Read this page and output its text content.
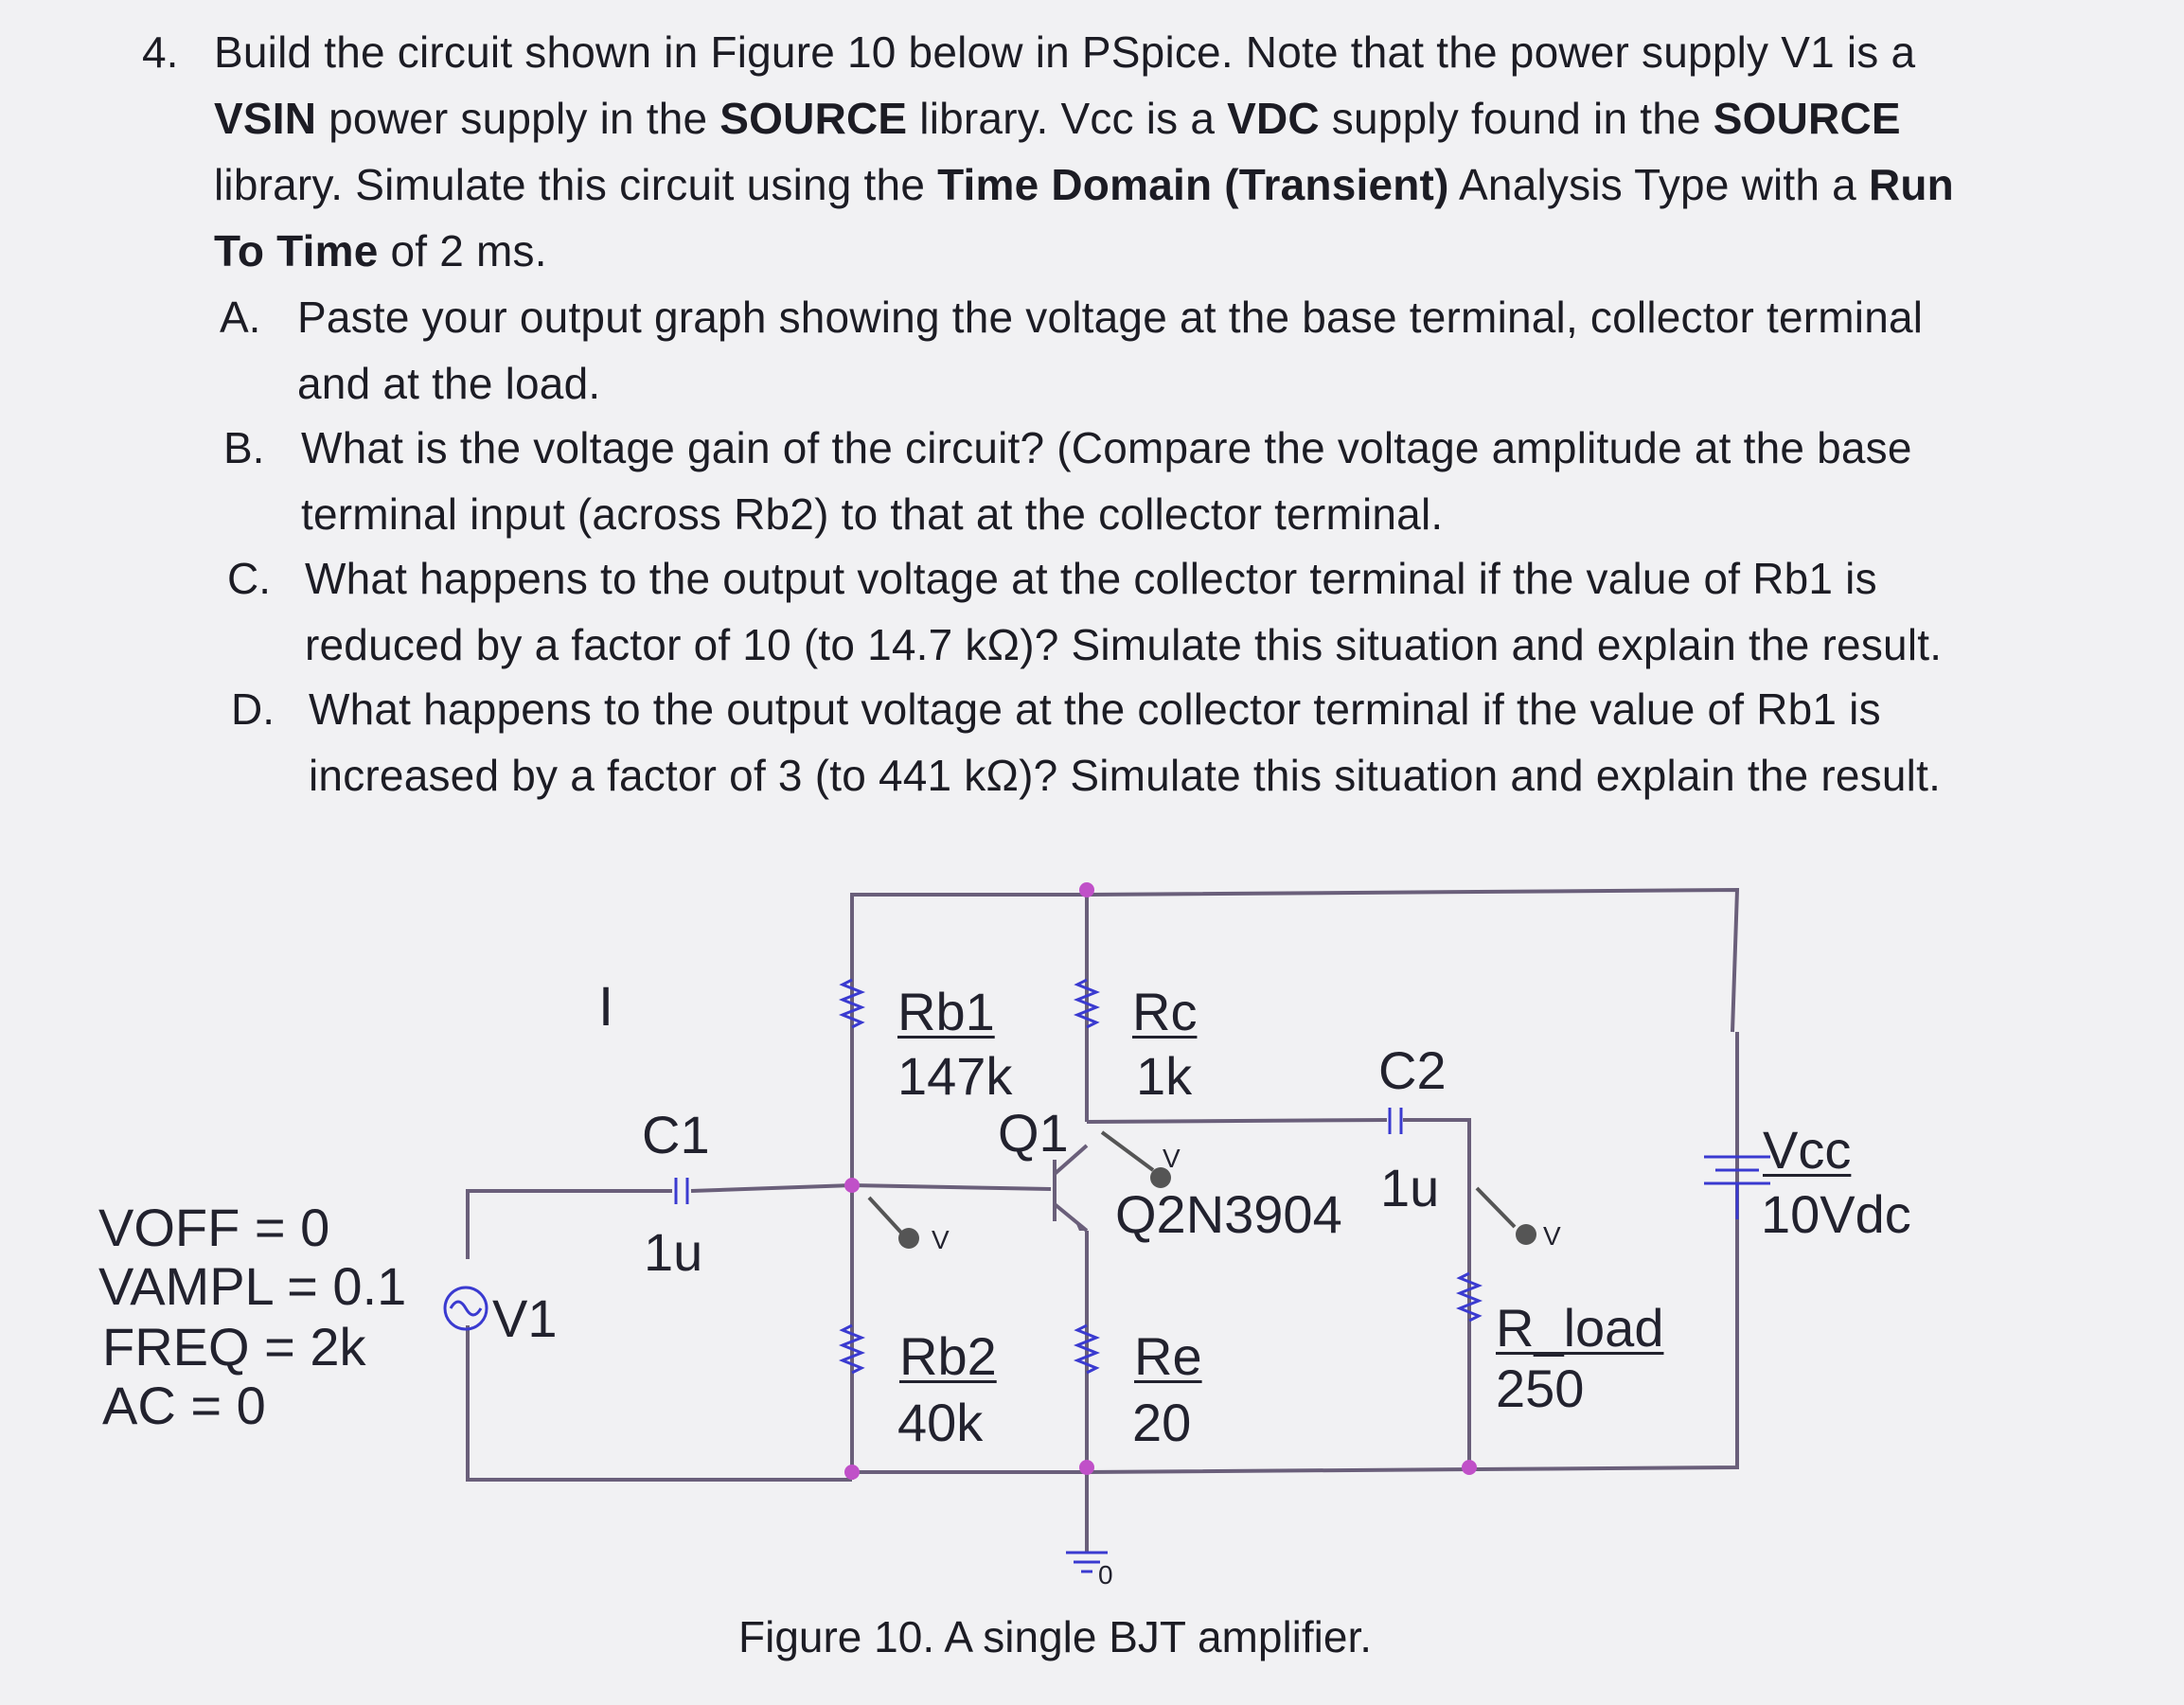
4. Build the circuit shown in Figure 10 below in PSpice. Note that the power supply V1 is a
VSIN power supply in the SOURCE library. Vcc is a VDC supply found in the SOURCE
library. Simulate this circuit using the Time Domain (Transient) Analysis Type with a Run
To Time of 2 ms.
A. Paste your output graph showing the voltage at the base terminal, collector terminal
and at the load.
B. What is the voltage gain of the circuit? (Compare the voltage amplitude at the base
terminal input (across Rb2) to that at the collector terminal.
C. What happens to the output voltage at the collector terminal if the value of Rb1 is
reduced by a factor of 10 (to 14.7 kΩ)? Simulate this situation and explain the result.
D. What happens to the output voltage at the collector terminal if the value of Rb1 is
increased by a factor of 3 (to 441 kΩ)? Simulate this situation and explain the result.
I
VOFF = 0
VAMPL = 0.1
FREQ = 2k
AC = 0
V1
C1
1u
Rb1
147k
Rc
1k
Q1
Q2N3904
C2
1u
Rb2
40k
Re
20
R_load
250
Vcc
10Vdc
0
V
V
V
Figure 10. A single BJT amplifier.
